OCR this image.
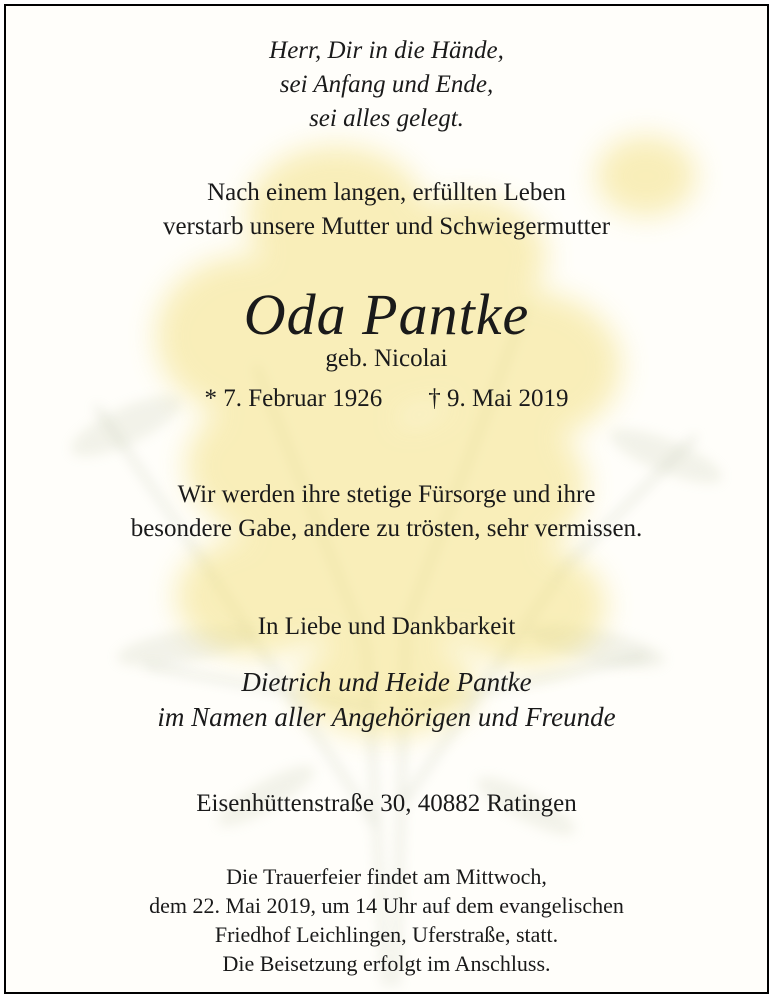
Herr, Dir in die Hände,
sei Anfang und Ende,
sei alles gelegt.
Nach einem langen, erfüllten Leben
verstarb unsere Mutter und Schwiegermutter
Oda Pantke
geb. Nicolai
* 7. Februar 1926 † 9. Mai 2019
Wir werden ihre stetige Fürsorge und ihre
besondere Gabe, andere zu trösten, sehr vermissen.
In Liebe und Dankbarkeit
Dietrich und Heide Pantke
im Namen aller Angehörigen und Freunde
Eisenhüttenstraße 30, 40882 Ratingen
Die Trauerfeier findet am Mittwoch,
dem 22. Mai 2019, um 14 Uhr auf dem evangelischen
Friedhof Leichlingen, Uferstraße, statt.
Die Beisetzung erfolgt im Anschluss.
